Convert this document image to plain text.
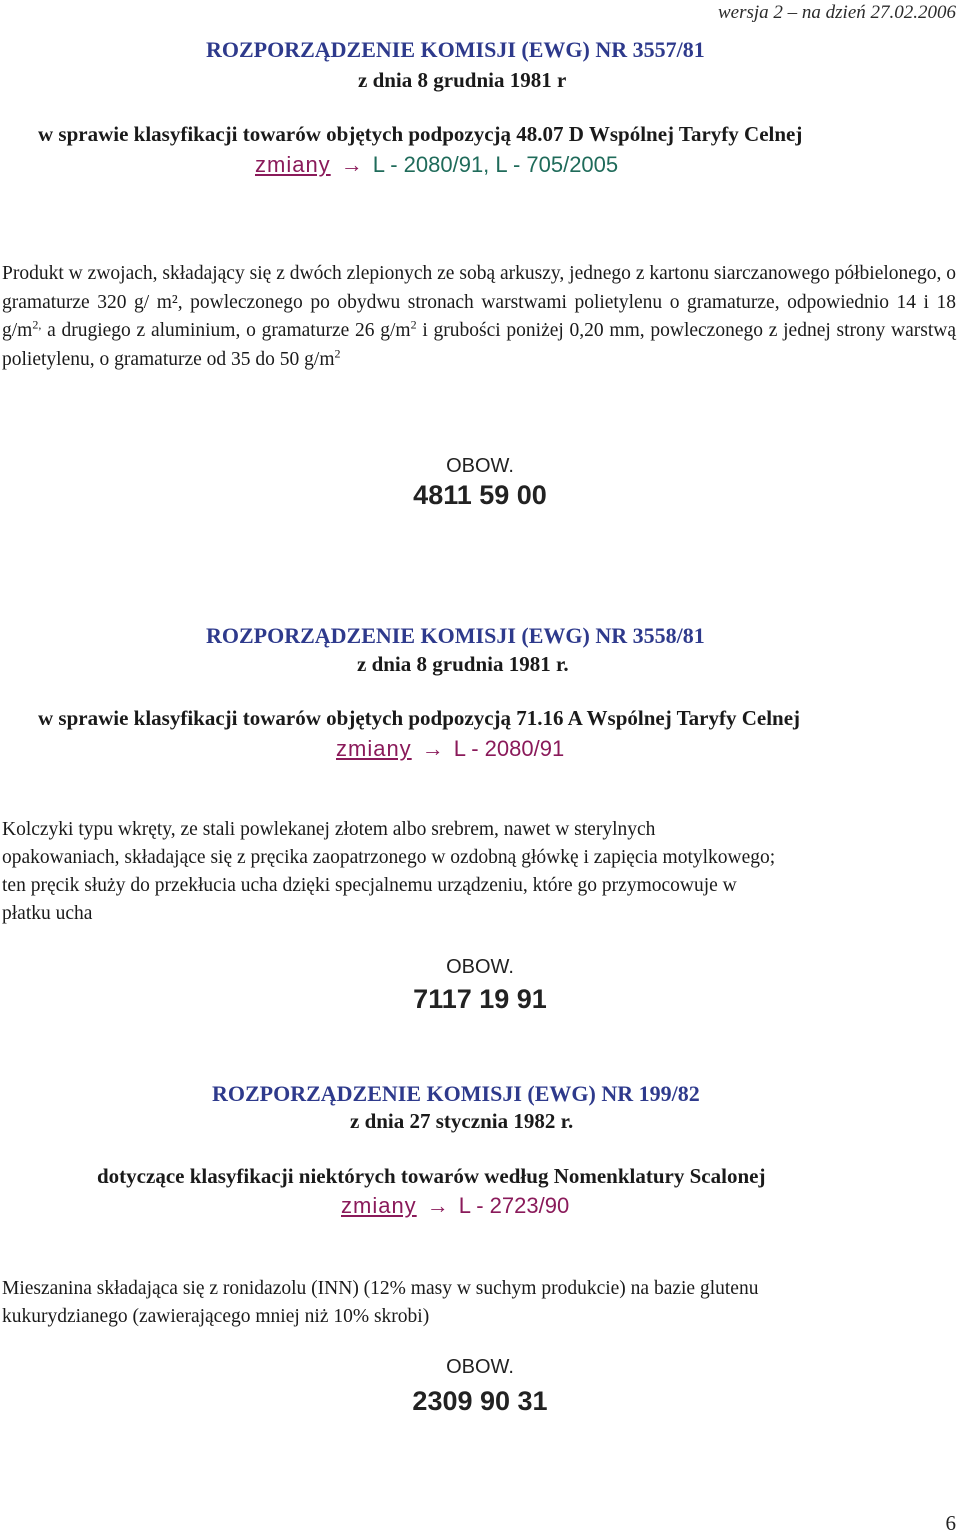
wersja 2 – na dzień 27.02.2006
ROZPORZĄDZENIE KOMISJI (EWG) NR 3557/81
z dnia 8 grudnia 1981 r
w sprawie klasyfikacji towarów objętych podpozycją 48.07 D Wspólnej Taryfy Celnej
zmiany → L - 2080/91, L - 705/2005
Produkt w zwojach, składający się z dwóch zlepionych ze sobą arkuszy, jednego z kartonu siarczanowego półbielonego, o gramaturze 320 g/ m², powleczonego po obydwu stronach warstwami polietylenu o gramaturze, odpowiednio 14 i 18 $g/m^{2,}$ a drugiego z aluminium, o gramaturze 26 $g/m^2$ i grubości poniżej 0,20 mm, powleczonego z jednej strony warstwą polietylenu, o gramaturze od 35 do 50 $g/m^2$
OBOW.
4811 59 00
ROZPORZĄDZENIE KOMISJI (EWG) NR 3558/81
z dnia 8 grudnia 1981 r.
w sprawie klasyfikacji towarów objętych podpozycją 71.16 A Wspólnej Taryfy Celnej
zmiany → L - 2080/91
Kolczyki typu wkręty, ze stali powlekanej złotem albo srebrem, nawet w sterylnych
opakowaniach, składające się z pręcika zaopatrzonego w ozdobną główkę i zapięcia motylkowego;
ten pręcik służy do przekłucia ucha dzięki specjalnemu urządzeniu, które go przymocowuje w
płatku ucha
OBOW.
7117 19 91
ROZPORZĄDZENIE KOMISJI (EWG) NR 199/82
z dnia 27 stycznia 1982 r.
dotyczące klasyfikacji niektórych towarów według Nomenklatury Scalonej
zmiany → L - 2723/90
Mieszanina składająca się z ronidazolu (INN) (12% masy w suchym produkcie) na bazie glutenu
kukurydzianego (zawierającego mniej niż 10% skrobi)
OBOW.
2309 90 31
6
